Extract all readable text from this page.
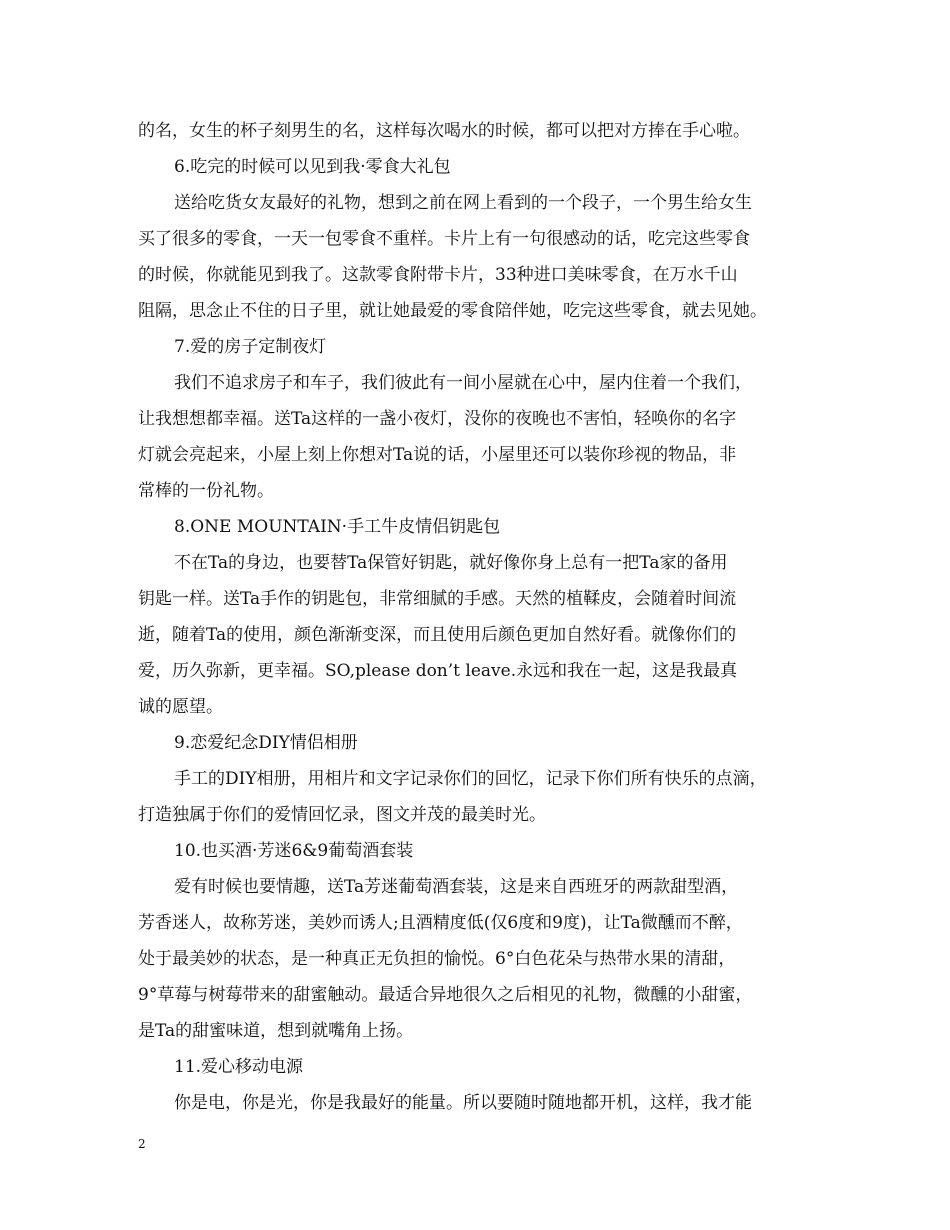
的名，女生的杯子刻男生的名，这样每次喝水的时候，都可以把对方捧在手心啦。
6.吃完的时候可以见到我·零食大礼包
送给吃货女友最好的礼物，想到之前在网上看到的一个段子，一个男生给女生
买了很多的零食，一天一包零食不重样。卡片上有一句很感动的话，吃完这些零食
的时候，你就能见到我了。这款零食附带卡片，33种进口美味零食，在万水千山
阻隔，思念止不住的日子里，就让她最爱的零食陪伴她，吃完这些零食，就去见她。
7.爱的房子定制夜灯
我们不追求房子和车子，我们彼此有一间小屋就在心中，屋内住着一个我们，
让我想想都幸福。送Ta这样的一盏小夜灯，没你的夜晚也不害怕，轻唤你的名字
灯就会亮起来，小屋上刻上你想对Ta说的话，小屋里还可以装你珍视的物品，非
常棒的一份礼物。
8.ONE MOUNTAIN·手工牛皮情侣钥匙包
不在Ta的身边，也要替Ta保管好钥匙，就好像你身上总有一把Ta家的备用
钥匙一样。送Ta手作的钥匙包，非常细腻的手感。天然的植鞣皮，会随着时间流
逝，随着Ta的使用，颜色渐渐变深，而且使用后颜色更加自然好看。就像你们的
爱，历久弥新，更幸福。SO,please don’t leave.永远和我在一起，这是我最真
诚的愿望。
9.恋爱纪念DIY情侣相册
手工的DIY相册，用相片和文字记录你们的回忆，记录下你们所有快乐的点滴，
打造独属于你们的爱情回忆录，图文并茂的最美时光。
10.也买酒·芳迷6&9葡萄酒套装
爱有时候也要情趣，送Ta芳迷葡萄酒套装，这是来自西班牙的两款甜型酒，
芳香迷人，故称芳迷，美妙而诱人;且酒精度低(仅6度和9度)，让Ta微醺而不醉，
处于最美妙的状态，是一种真正无负担的愉悦。6°白色花朵与热带水果的清甜，
9°草莓与树莓带来的甜蜜触动。最适合异地很久之后相见的礼物，微醺的小甜蜜，
是Ta的甜蜜味道，想到就嘴角上扬。
11.爱心移动电源
你是电，你是光，你是我最好的能量。所以要随时随地都开机，这样，我才能
2
